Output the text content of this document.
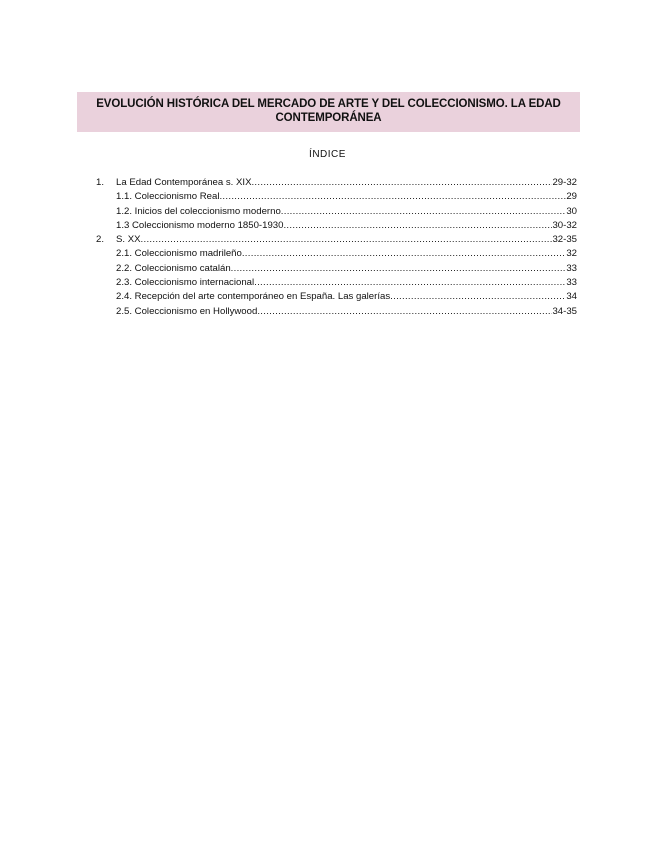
EVOLUCIÓN HISTÓRICA DEL MERCADO DE ARTE Y DEL COLECCIONISMO. LA EDAD CONTEMPORÁNEA
ÍNDICE
1.	La Edad Contemporánea s. XIX .....	29-32
1.1. Coleccionismo Real .....	29
1.2. Inicios del coleccionismo moderno .....	30
1.3 Coleccionismo moderno 1850-1930 .....	30-32
2.	S. XX .....	32-35
2.1. Coleccionismo madrileño .....	32
2.2. Coleccionismo catalán .....	33
2.3. Coleccionismo internacional .....	33
2.4. Recepción del arte contemporáneo en España. Las galerías .....	34
2.5. Coleccionismo en Hollywood .....	34-35
